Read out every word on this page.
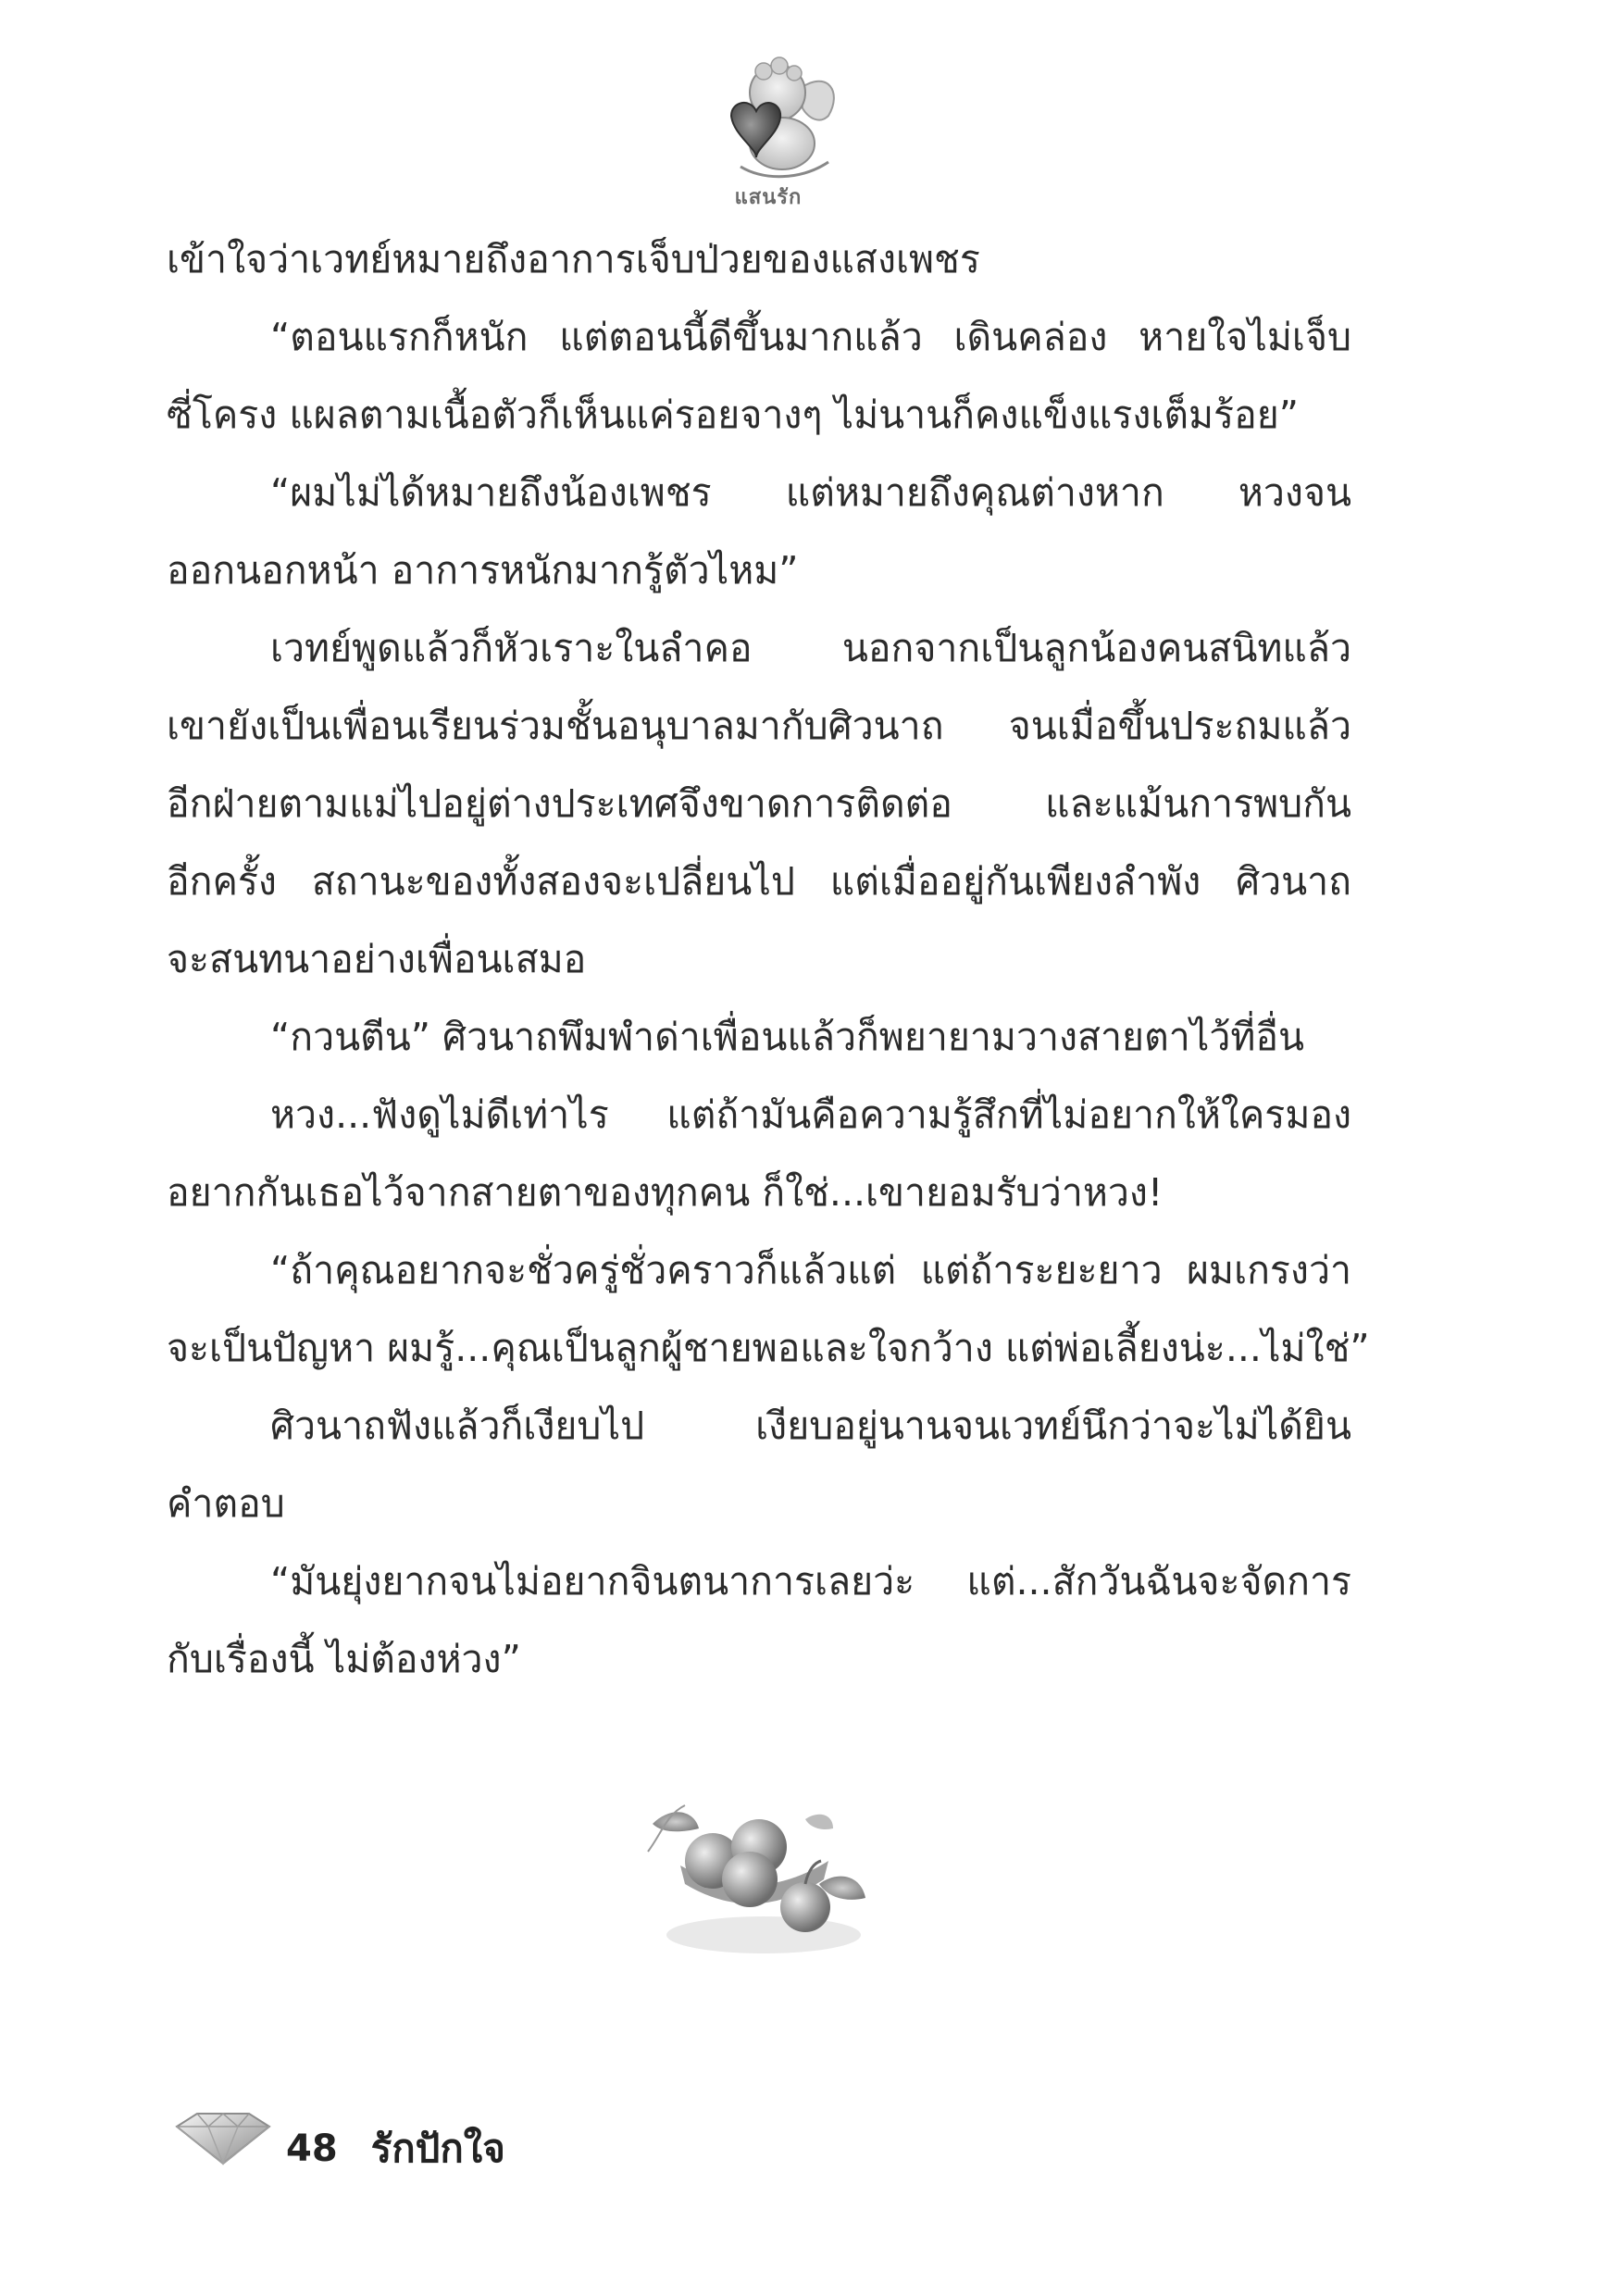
แสนรัก
เข้าใจว่าเวทย์หมายถึงอาการเจ็บป่วยของแสงเพชร
“ตอนแรกก็หนัก แต่ตอนนี้ดีขึ้นมากแล้ว เดินคล่อง หายใจไม่เจ็บ
ซี่โครง แผลตามเนื้อตัวก็เห็นแค่รอยจางๆ ไม่นานก็คงแข็งแรงเต็มร้อย”
“ผมไม่ได้หมายถึงน้องเพชร แต่หมายถึงคุณต่างหาก หวงจน
ออกนอกหน้า อาการหนักมากรู้ตัวไหม”
เวทย์พูดแล้วก็หัวเราะในลำคอ นอกจากเป็นลูกน้องคนสนิทแล้ว
เขายังเป็นเพื่อนเรียนร่วมชั้นอนุบาลมากับศิวนาถ จนเมื่อขึ้นประถมแล้ว
อีกฝ่ายตามแม่ไปอยู่ต่างประเทศจึงขาดการติดต่อ และแม้นการพบกัน
อีกครั้ง สถานะของทั้งสองจะเปลี่ยนไป แต่เมื่ออยู่กันเพียงลำพัง ศิวนาถ
จะสนทนาอย่างเพื่อนเสมอ
“กวนตีน” ศิวนาถพึมพำด่าเพื่อนแล้วก็พยายามวางสายตาไว้ที่อื่น
หวง...ฟังดูไม่ดีเท่าไร แต่ถ้ามันคือความรู้สึกที่ไม่อยากให้ใครมอง
อยากกันเธอไว้จากสายตาของทุกคน ก็ใช่...เขายอมรับว่าหวง!
“ถ้าคุณอยากจะชั่วครู่ชั่วคราวก็แล้วแต่ แต่ถ้าระยะยาว ผมเกรงว่า
จะเป็นปัญหา ผมรู้...คุณเป็นลูกผู้ชายพอและใจกว้าง แต่พ่อเลี้ยงน่ะ...ไม่ใช่”
ศิวนาถฟังแล้วก็เงียบไป เงียบอยู่นานจนเวทย์นึกว่าจะไม่ได้ยิน
คำตอบ
“มันยุ่งยากจนไม่อยากจินตนาการเลยว่ะ แต่...สักวันฉันจะจัดการ
กับเรื่องนี้ ไม่ต้องห่วง”
48 รักปักใจ
